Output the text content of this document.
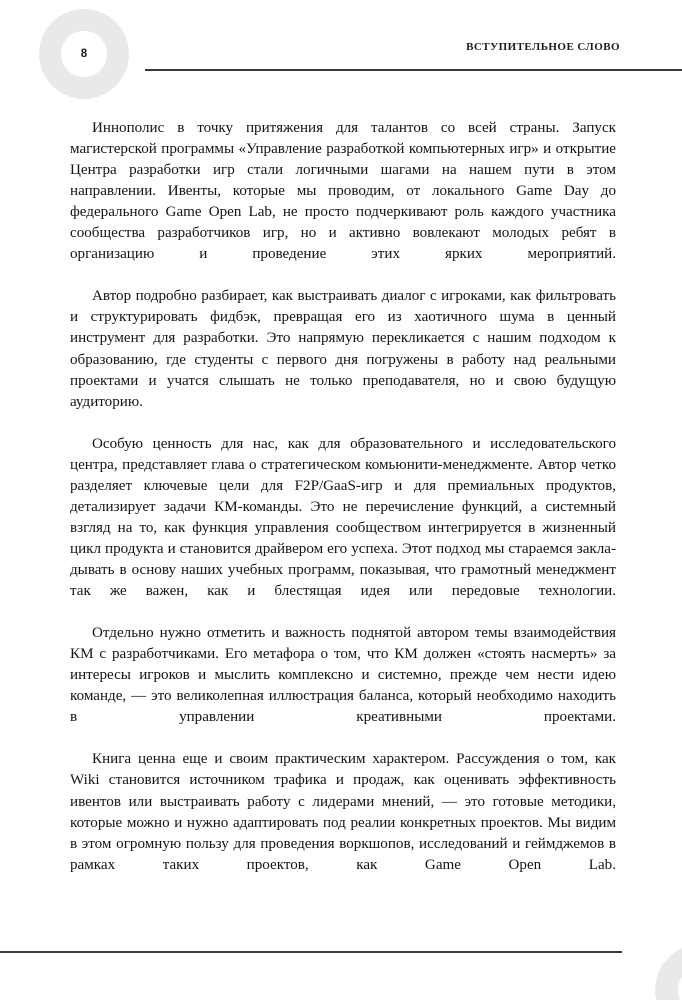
8
ВСТУПИТЕЛЬНОЕ СЛОВО

Иннополис в точку притяжения для талантов со всей страны. Запуск магистерской программы «Управление разработкой компьютерных игр» и открытие Центра разработки игр стали логичными шагами на нашем пути в этом направлении. Ивенты, которые мы проводим, от локального Game Day до федерального Game Open Lab, не просто подчеркивают роль каждого участника сообщества разработчиков игр, но и активно вовлекают молодых ребят в организацию и проведение этих ярких мероприятий.

Автор подробно разбирает, как выстраивать диалог с игроками, как фильтровать и структурировать фидбэк, превращая его из хаотичного шума в ценный инструмент для разработки. Это напрямую перекликается с нашим подходом к образованию, где студенты с первого дня погружены в работу над реальными проектами и учатся слышать не только преподавателя, но и свою будущую аудиторию.

Особую ценность для нас, как для образовательного и исследовательского центра, представляет глава о стратегическом комьюнити-менеджменте. Автор четко разделяет ключевые цели для F2P/GaaS-игр и для премиальных продуктов, детализирует задачи КМ-команды. Это не перечисление функций, а системный взгляд на то, как функция управления сообществом интегрируется в жизненный цикл продукта и становится драйвером его успеха. Этот подход мы стараемся закладывать в основу наших учебных программ, показывая, что грамотный менеджмент так же важен, как и блестящая идея или передовые технологии.

Отдельно нужно отметить и важность поднятой автором темы взаимодействия КМ с разработчиками. Его метафора о том, что КМ должен «стоять насмерть» за интересы игроков и мыслить комплексно и системно, прежде чем нести идею команде, — это великолепная иллюстрация баланса, который необходимо находить в управлении креативными проектами.

Книга ценна еще и своим практическим характером. Рассуждения о том, как Wiki становится источником трафика и продаж, как оценивать эффективность ивентов или выстраивать работу с лидерами мнений, — это готовые методики, которые можно и нужно адаптировать под реалии конкретных проектов. Мы видим в этом огромную пользу для проведения воркшопов, исследований и геймджемов в рамках таких проектов, как Game Open Lab.
